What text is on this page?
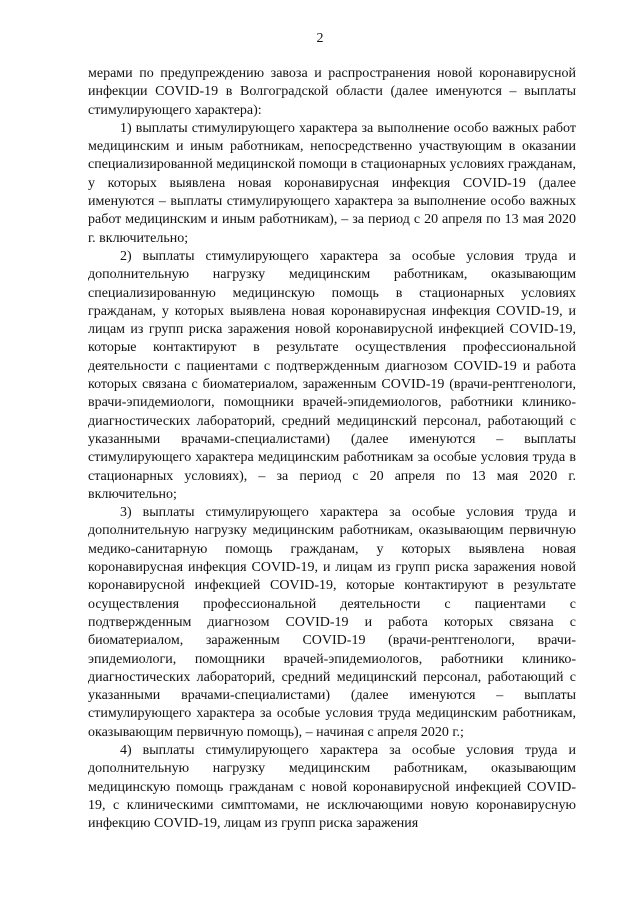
2

мерами по предупреждению завоза и распространения новой коронавирусной инфекции COVID-19 в Волгоградской области (далее именуются – выплаты стимулирующего характера):

1) выплаты стимулирующего характера за выполнение особо важных работ медицинским и иным работникам, непосредственно участвующим в оказании специализированной медицинской помощи в стационарных условиях гражданам, у которых выявлена новая коронавирусная инфекция COVID-19 (далее именуются – выплаты стимулирующего характера за выполнение особо важных работ медицинским и иным работникам), – за период с 20 апреля по 13 мая 2020 г. включительно;

2) выплаты стимулирующего характера за особые условия труда и дополнительную нагрузку медицинским работникам, оказывающим специализированную медицинскую помощь в стационарных условиях гражданам, у которых выявлена новая коронавирусная инфекция COVID-19, и лицам из групп риска заражения новой коронавирусной инфекцией COVID-19, которые контактируют в результате осуществления профессиональной деятельности с пациентами с подтвержденным диагнозом COVID-19 и работа которых связана с биоматериалом, зараженным COVID-19 (врачи-рентгенологи, врачи-эпидемиологи, помощники врачей-эпидемиологов, работники клинико-диагностических лабораторий, средний медицинский персонал, работающий с указанными врачами-специалистами) (далее именуются – выплаты стимулирующего характера медицинским работникам за особые условия труда в стационарных условиях), – за период с 20 апреля по 13 мая 2020 г. включительно;

3) выплаты стимулирующего характера за особые условия труда и дополнительную нагрузку медицинским работникам, оказывающим первичную медико-санитарную помощь гражданам, у которых выявлена новая коронавирусная инфекция COVID-19, и лицам из групп риска заражения новой коронавирусной инфекцией COVID-19, которые контактируют в результате осуществления профессиональной деятельности с пациентами с подтвержденным диагнозом COVID-19 и работа которых связана с биоматериалом, зараженным COVID-19 (врачи-рентгенологи, врачи-эпидемиологи, помощники врачей-эпидемиологов, работники клинико-диагностических лабораторий, средний медицинский персонал, работающий с указанными врачами-специалистами) (далее именуются – выплаты стимулирующего характера за особые условия труда медицинским работникам, оказывающим первичную помощь), – начиная с апреля 2020 г.;

4) выплаты стимулирующего характера за особые условия труда и дополнительную нагрузку медицинским работникам, оказывающим медицинскую помощь гражданам с новой коронавирусной инфекцией COVID-19, с клиническими симптомами, не исключающими новую коронавирусную инфекцию COVID-19, лицам из групп риска заражения
